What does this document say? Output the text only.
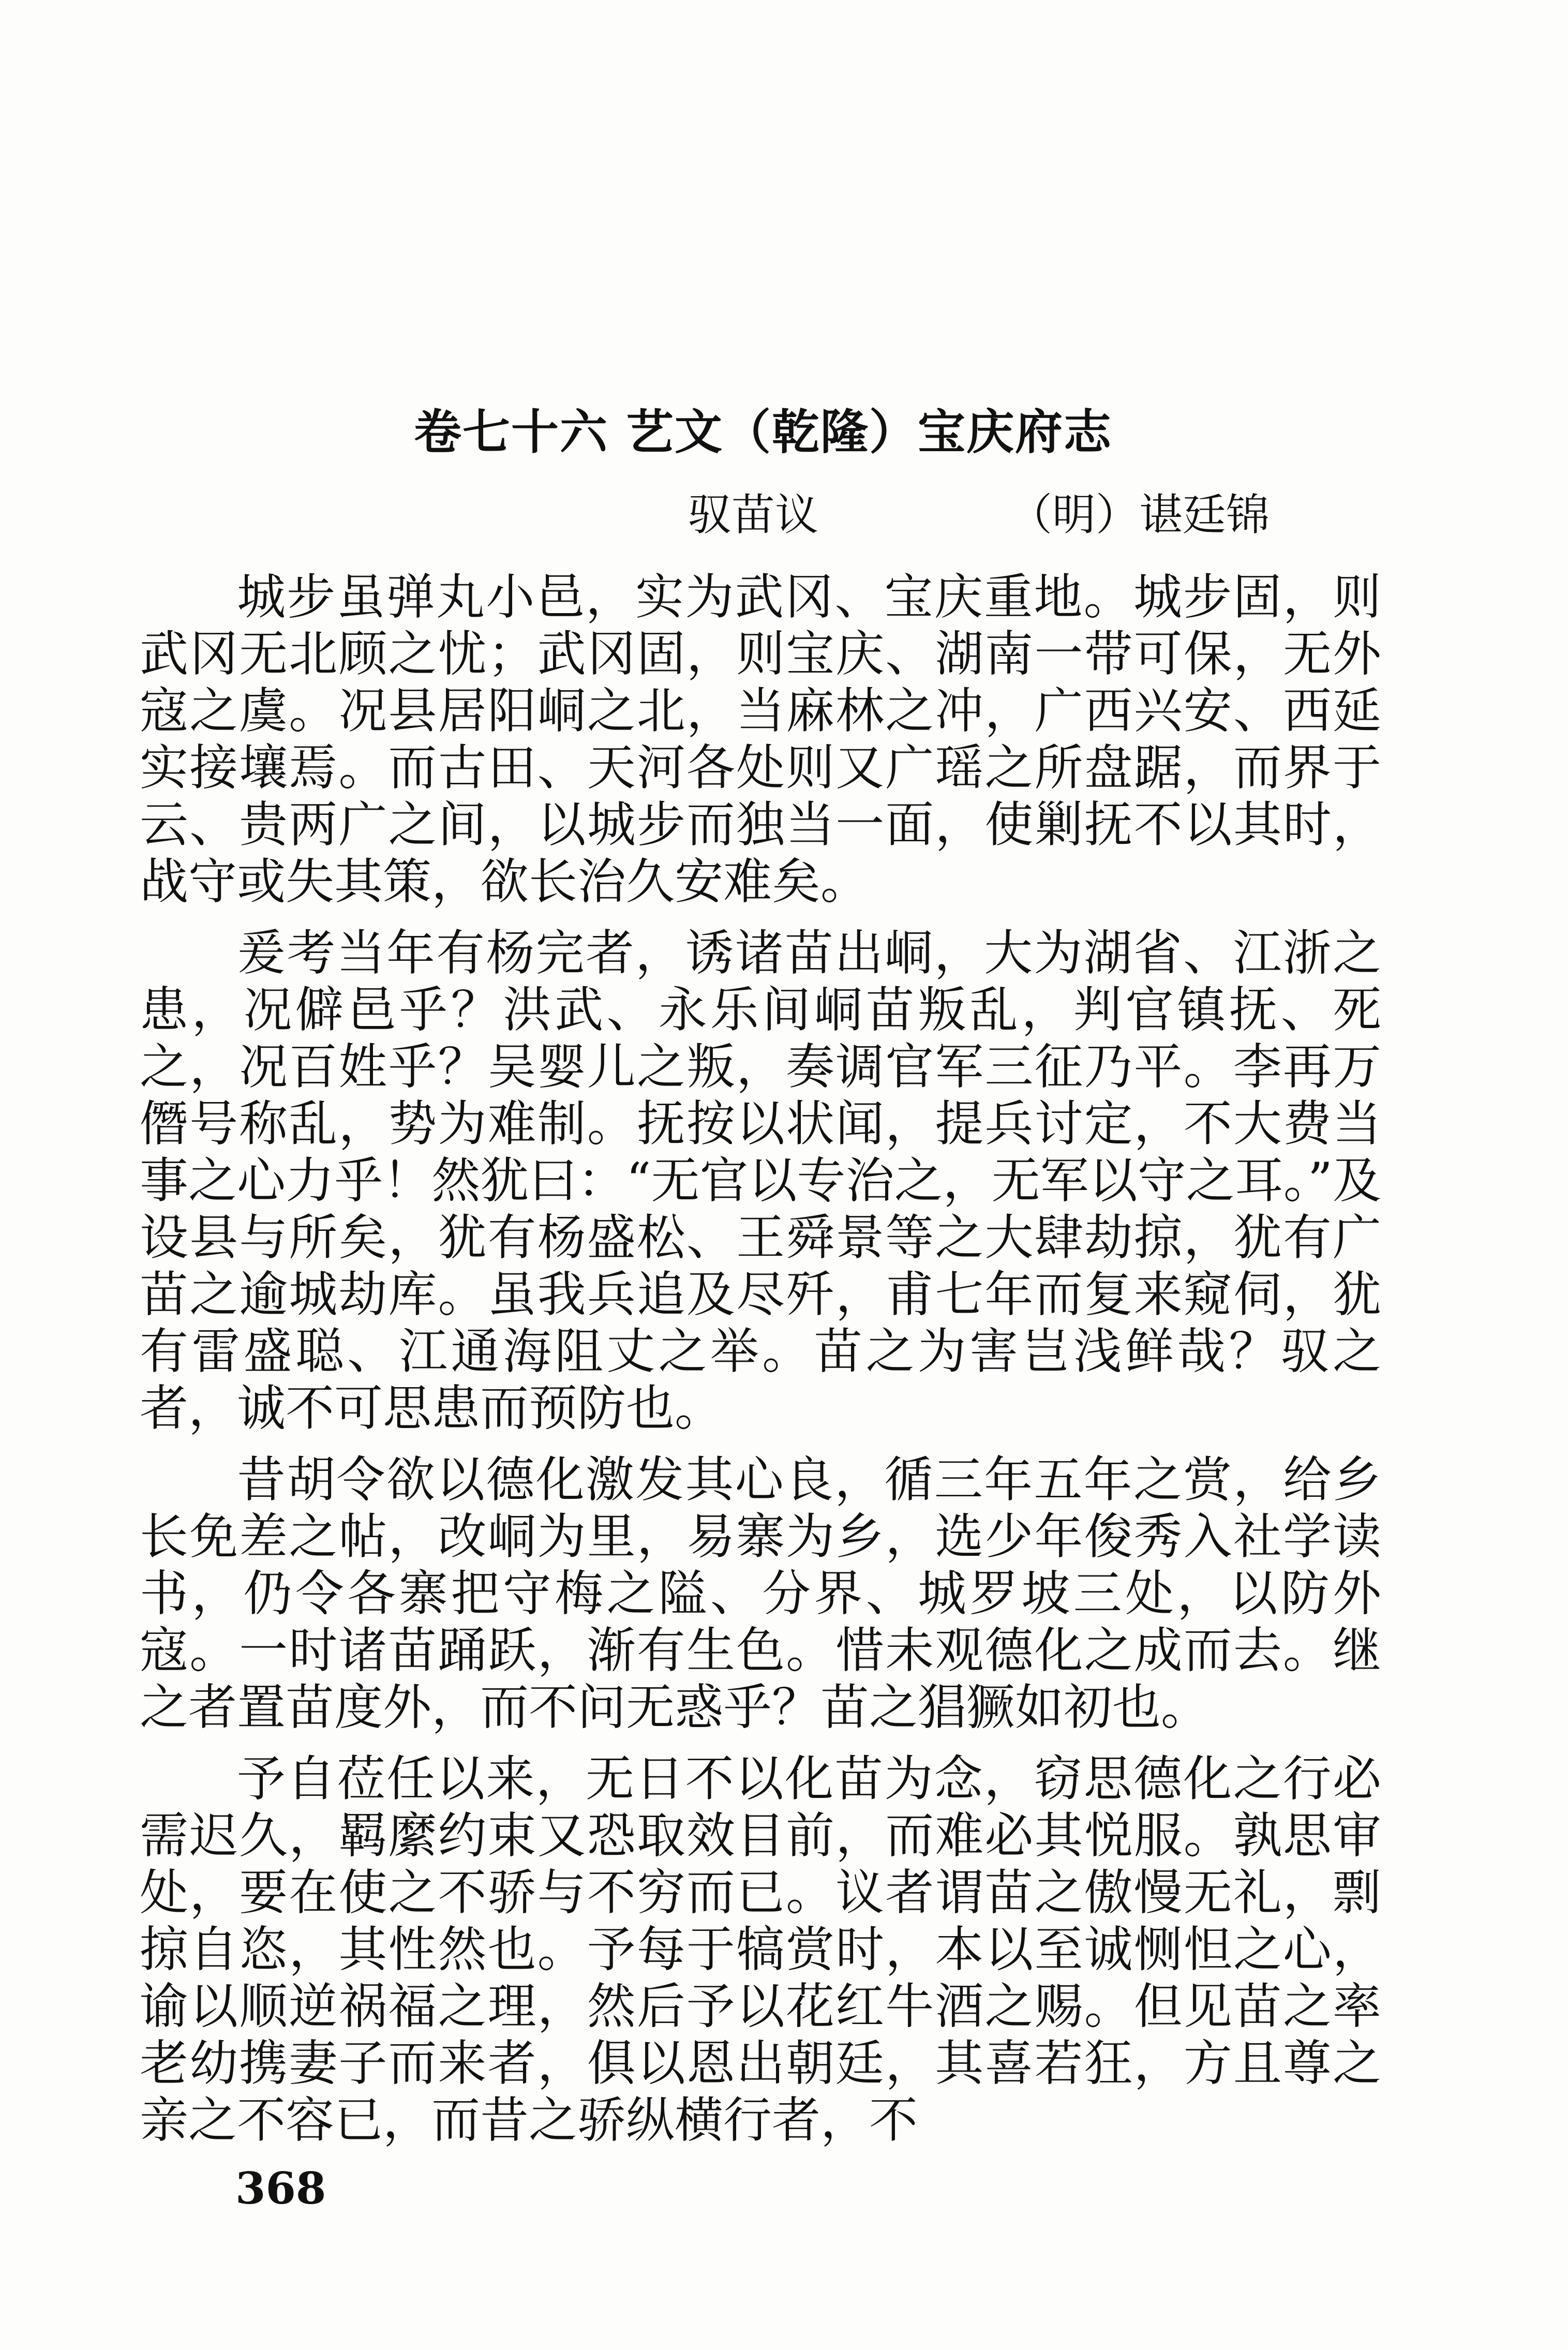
卷七十六 艺文（乾隆）宝庆府志
驭苗议	（明）谌廷锦

城步虽弹丸小邑，实为武冈、宝庆重地。城步固，则武冈无北顾之忧；武冈固，则宝庆、湖南一带可保，无外寇之虞。况县居阳峒之北，当麻林之冲，广西兴安、西延实接壤焉。而古田、天河各处则又广瑶之所盘踞，而界于云、贵两广之间，以城步而独当一面，使剿抚不以其时，战守或失其策，欲长治久安难矣。

爰考当年有杨完者，诱诸苗出峒，大为湖省、江浙之患，况僻邑乎？洪武、永乐间峒苗叛乱，判官镇抚、死之，况百姓乎？吴婴儿之叛，奏调官军三征乃平。李再万僭号称乱，势为难制。抚按以状闻，提兵讨定，不大费当事之心力乎！然犹曰：“无官以专治之，无军以守之耳。”及设县与所矣，犹有杨盛松、王舜景等之大肆劫掠，犹有广苗之逾城劫库。虽我兵追及尽歼，甫七年而复来窥伺，犹有雷盛聪、江通海阻丈之举。苗之为害岂浅鲜哉？驭之者，诚不可思患而预防也。

昔胡令欲以德化激发其心良，循三年五年之赏，给乡长免差之帖，改峒为里，易寨为乡，选少年俊秀入社学读书，仍令各寨把守梅之隘、分界、城罗坡三处，以防外寇。一时诸苗踊跃，渐有生色。惜未观德化之成而去。继之者置苗度外，而不问无惑乎？苗之猖獗如初也。

予自莅任以来，无日不以化苗为念，窃思德化之行必需迟久，羁縻约束又恐取效目前，而难必其悦服。孰思审处，要在使之不骄与不穷而已。议者谓苗之傲慢无礼，剽掠自恣，其性然也。予每于犒赏时，本以至诚恻怛之心，谕以顺逆祸福之理，然后予以花红牛酒之赐。但见苗之率老幼携妻子而来者，俱以恩出朝廷，其喜若狂，方且尊之亲之不容已，而昔之骄纵横行者，不

368
